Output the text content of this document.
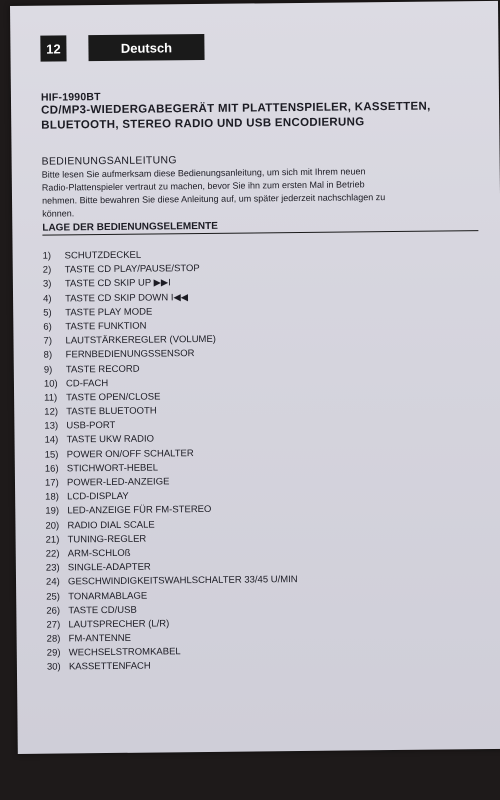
12	Deutsch
HIF-1990BT
CD/MP3-WIEDERGABEGERÄT MIT PLATTENSPIELER, KASSETTEN,
BLUETOOTH, STEREO RADIO UND USB ENCODIERUNG
BEDIENUNGSANLEITUNG
Bitte lesen Sie aufmerksam diese Bedienungsanleitung, um sich mit Ihrem neuen
Radio-Plattenspieler vertraut zu machen, bevor Sie ihn zum ersten Mal in Betrieb
nehmen. Bitte bewahren Sie diese Anleitung auf, um später jederzeit nachschlagen zu
können.
LAGE DER BEDIENUNGSELEMENTE
1)	SCHUTZDECKEL
2)	TASTE CD PLAY/PAUSE/STOP
3)	TASTE CD SKIP UP ▶▶I
4)	TASTE CD SKIP DOWN I◀◀
5)	TASTE PLAY MODE
6)	TASTE FUNKTION
7)	LAUTSTÄRKEREGLER (VOLUME)
8)	FERNBEDIENUNGSSENSOR
9)	TASTE RECORD
10) CD-FACH
11) TASTE OPEN/CLOSE
12) TASTE BLUETOOTH
13) USB-PORT
14) TASTE UKW RADIO
15) POWER ON/OFF SCHALTER
16) STICHWORT-HEBEL
17) POWER-LED-ANZEIGE
18) LCD-DISPLAY
19) LED-ANZEIGE FÜR FM-STEREO
20) RADIO DIAL SCALE
21) TUNING-REGLER
22) ARM-SCHLOß
23) SINGLE-ADAPTER
24) GESCHWINDIGKEITSWAHLSCHALTER 33/45 U/MIN
25) TONARMABLAGE
26) TASTE CD/USB
27) LAUTSPRECHER (L/R)
28) FM-ANTENNE
29) WECHSELSTROMKABEL
30) KASSETTENFACH
